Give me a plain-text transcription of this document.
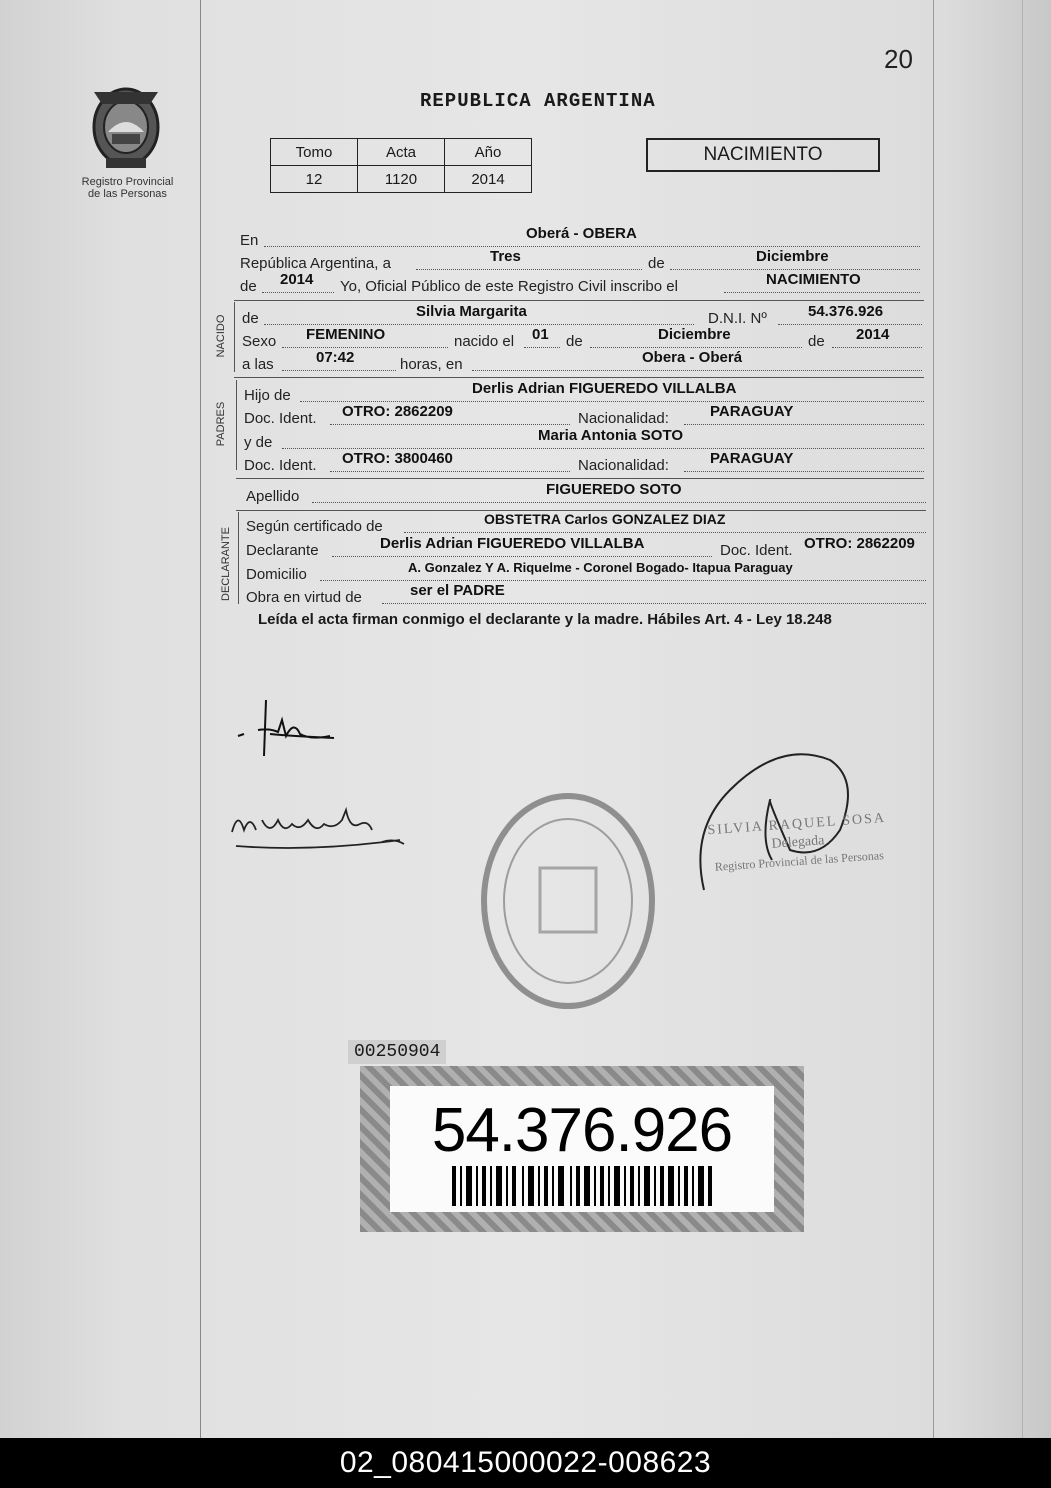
20
Registro Provincial
de las Personas
REPUBLICA ARGENTINA
Tomo	Acta	Año
12	1120	2014
NACIMIENTO
En	Oberá - OBERA
República Argentina, a	Tres	de	Diciembre
de 2014 Yo, Oficial Público de este Registro Civil inscribo el	NACIMIENTO
NACIDO de	Silvia Margarita	D.N.I. Nº	54.376.926
Sexo FEMENINO	nacido el 01 de	Diciembre	de 2014
a las	07:42	horas, en	Obera - Oberá
PADRES
Hijo de	Derlis Adrian FIGUEREDO VILLALBA
Doc. Ident. OTRO: 2862209	Nacionalidad:	PARAGUAY
y de	Maria Antonia SOTO
Doc. Ident. OTRO: 3800460	Nacionalidad:	PARAGUAY
Apellido	FIGUEREDO SOTO
DECLARANTE
Según certificado de	OBSTETRA Carlos GONZALEZ DIAZ
Declarante	Derlis Adrian FIGUEREDO VILLALBA	Doc. Ident. OTRO: 2862209
Domicilio	A. Gonzalez Y A. Riquelme - Coronel Bogado- Itapua Paraguay
Obra en virtud de	ser el PADRE
Leída el acta firman conmigo el declarante y la madre. Hábiles Art. 4 - Ley 18.248
SILVIA RAQUEL SOSA
Delegada
Registro Provincial de las Personas
00250904
54.376.926
02_080415000022-008623
